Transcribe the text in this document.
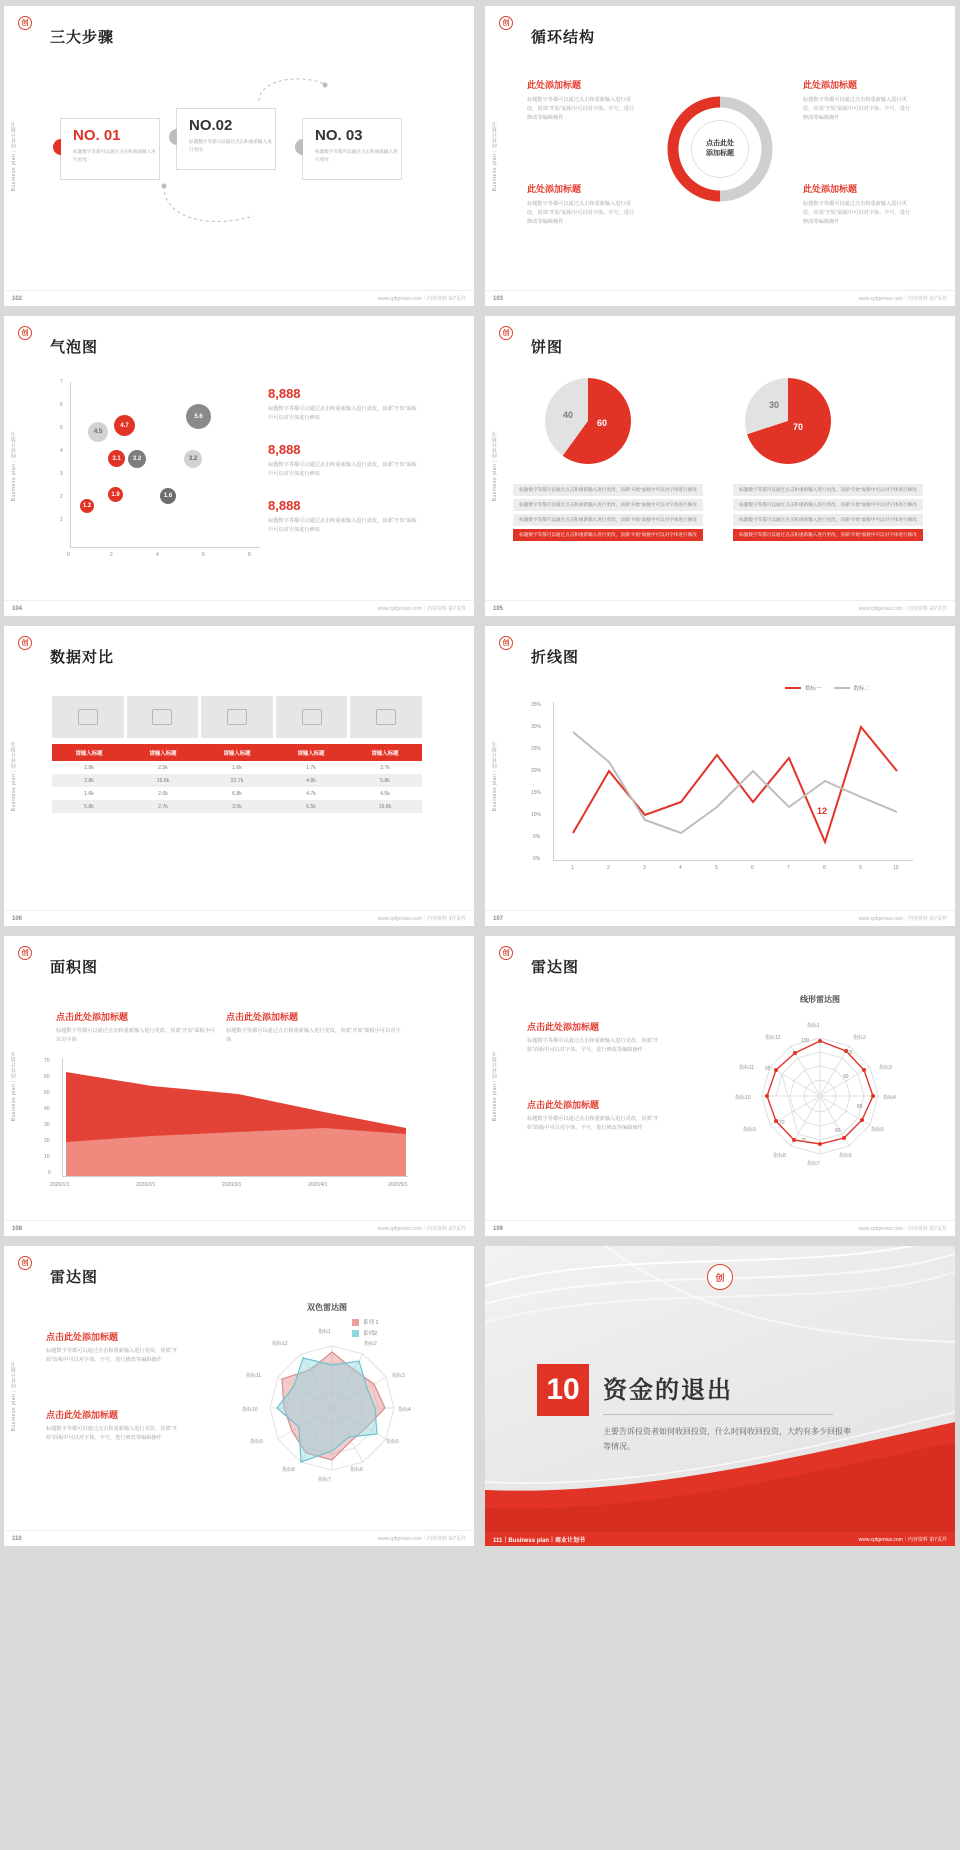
创
Business plan｜商业计划书
三大步骤
NO. 01
标题数字等都可以通过点击和重新输入进行更改
NO.02
标题数字等都可以通过点击和重新输入进行更改
NO. 03
标题数字等都可以通过点击和重新输入进行更改
102	www.cpfgenius.com｜内容资料 第7页件
创
Business plan｜商业计划书
循环结构
点击此处
添加标题
此处添加标题
标题数字等都可以通过点击和重新输入进行更改，顶部“开始”面板中可以对字体、字号，进行修改等编辑操作
此处添加标题
标题数字等都可以通过点击和重新输入进行更改，顶部“开始”面板中可以对字体、字号，进行修改等编辑操作
此处添加标题
标题数字等都可以通过点击和重新输入进行更改，顶部“开始”面板中可以对字体、字号，进行修改等编辑操作
此处添加标题
标题数字等都可以通过点击和重新输入进行更改，顶部“开始”面板中可以对字体、字号，进行修改等编辑操作
103	www.cpfgenius.com｜内容资料 第7页件
创
Business plan｜商业计划书
气泡图
7
6
5
4
3
2
1
0	2	4	6	8
4.5
4.7
3.1	3.2
1.2
1.9	1.6
5.6
3.2
8,888
标题数字等都可以通过点击和重新输入进行更改，顶部“开始”面板中可以对字体进行修改
8,888
标题数字等都可以通过点击和重新输入进行更改，顶部“开始”面板中可以对字体进行修改
8,888
标题数字等都可以通过点击和重新输入进行更改，顶部“开始”面板中可以对字体进行修改
104	www.cpfgenius.com｜内容资料 第7页件
创
Business plan｜商业计划书
饼图
60
40
70
30
标题数字等都可以通过点击和重新输入进行更改，顶部“开始”面板中可以对字体进行修改
标题数字等都可以通过点击和重新输入进行更改，顶部“开始”面板中可以对字体进行修改
标题数字等都可以通过点击和重新输入进行更改，顶部“开始”面板中可以对字体进行修改
标题数字等都可以通过点击和重新输入进行更改，顶部“开始”面板中可以对字体进行修改
标题数字等都可以通过点击和重新输入进行更改，顶部“开始”面板中可以对字体进行修改
标题数字等都可以通过点击和重新输入进行更改，顶部“开始”面板中可以对字体进行修改
标题数字等都可以通过点击和重新输入进行更改，顶部“开始”面板中可以对字体进行修改
标题数字等都可以通过点击和重新输入进行更改，顶部“开始”面板中可以对字体进行修改
105	www.cpfgenius.com｜内容资料 第7页件
创
Business plan｜商业计划书
数据对比
请输入标题	请输入标题	请输入标题	请输入标题	请输入标题
2.8k	2.5k	1.6k	1.7k	3.7k
2.8k	16.8k	22.7k	4.8k	5.8k
1.6k	2.6k	6.8k	4.7k	4.5k
5.8k	2.7k	3.0k	6.5k	19.8k
106	www.cpfgenius.com｜内容资料 第7页件
创
Business plan｜商业计划书
折线图
数标一	数标二
35%
30%
25%
20%
15%
10%
5%
0%
12
1	2	3	4	5	6	7	8	9	10
107	www.cpfgenius.com｜内容资料 第7页件
创
Business plan｜商业计划书
面积图
点击此处添加标题
标题数字等都可以通过点击和重新输入进行更改，顶部“开始”面板中可以对字体
点击此处添加标题
标题数字等都可以通过点击和重新输入进行更改，顶部“开始”面板中可以对字体
70
60
50
40
30
20
10
0
2020/1/1	2020/2/1	2020/3/1	2020/4/1	2020/5/1
108	www.cpfgenius.com｜内容资料 第7页件
创
Business plan｜商业计划书
雷达图
点击此处添加标题
标题数字等都可以通过点击和重新输入进行更改，顶部“开始”面板中可以对字体、字号，进行修改等编辑操作
点击此处添加标题
标题数字等都可以通过点击和重新输入进行更改，顶部“开始”面板中可以对字体、字号，进行修改等编辑操作
线形雷达图
指标1
指标2
指标3
指标4
指标5
指标6
指标7
指标8
指标9
指标10
指标11
指标12	100
95
90
85
80
75
70
65
109	www.cpfgenius.com｜内容资料 第7页件
创
Business plan｜商业计划书
雷达图
点击此处添加标题
标题数字等都可以通过点击和重新输入进行更改，顶部“开始”面板中可以对字体、字号，进行修改等编辑操作
点击此处添加标题
标题数字等都可以通过点击和重新输入进行更改，顶部“开始”面板中可以对字体、字号，进行修改等编辑操作
双色雷达图
系列 1
系列2
指标1
指标2
指标3
指标4
指标5
指标6
指标7
指标8
指标9
指标10
指标11
指标12
110	www.cpfgenius.com｜内容资料 第7页件
创
10 资金的退出
主要告诉投资者如何收回投资，什么时间收回投资，大约有多少回报率等情况。
111｜Business plan｜商业计划书	www.cpfgenius.com｜内容资料 第7页件
